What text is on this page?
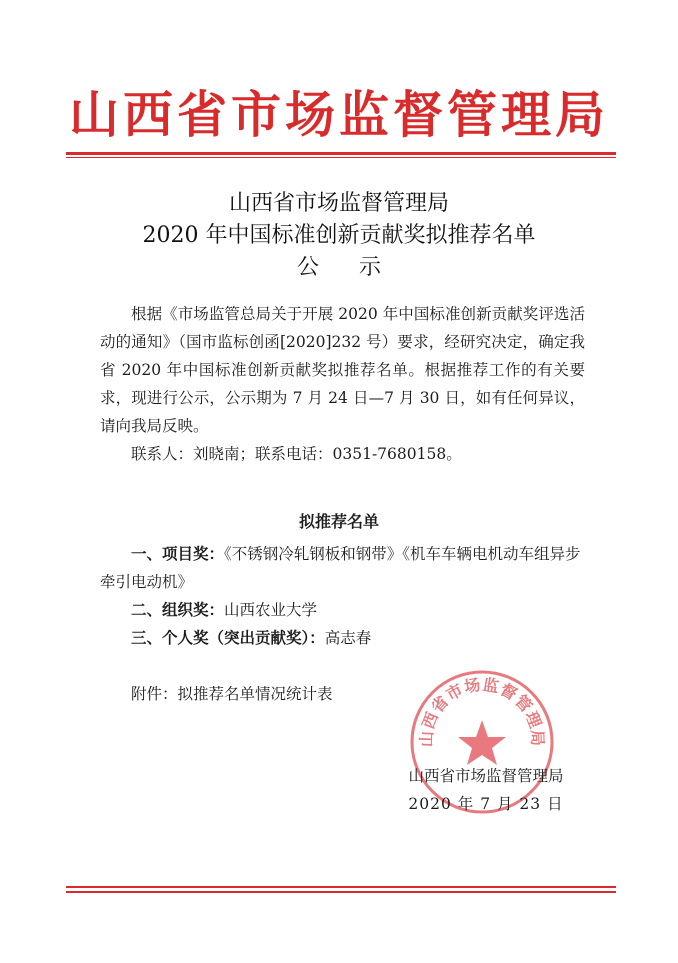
山西省市场监督管理局
山西省市场监督管理局
2020 年中国标准创新贡献奖拟推荐名单
公示

根据《市场监管总局关于开展 2020 年中国标准创新贡献奖评选活动的通知》（国市监标创函[2020]232 号）要求，经研究决定，确定我省 2020 年中国标准创新贡献奖拟推荐名单。根据推荐工作的有关要求，现进行公示，公示期为 7 月 24 日—7 月 30 日，如有任何异议，请向我局反映。

联系人：刘晓南；联系电话：0351-7680158。

拟推荐名单

一、项目奖：《不锈钢冷轧钢板和钢带》《机车车辆电机动车组异步牵引电动机》

二、组织奖：山西农业大学

三、个人奖（突出贡献奖）：高志春

附件：拟推荐名单情况统计表
山西省市场监督管理局
山西省市场监督管理局
2020 年 7 月 23 日
